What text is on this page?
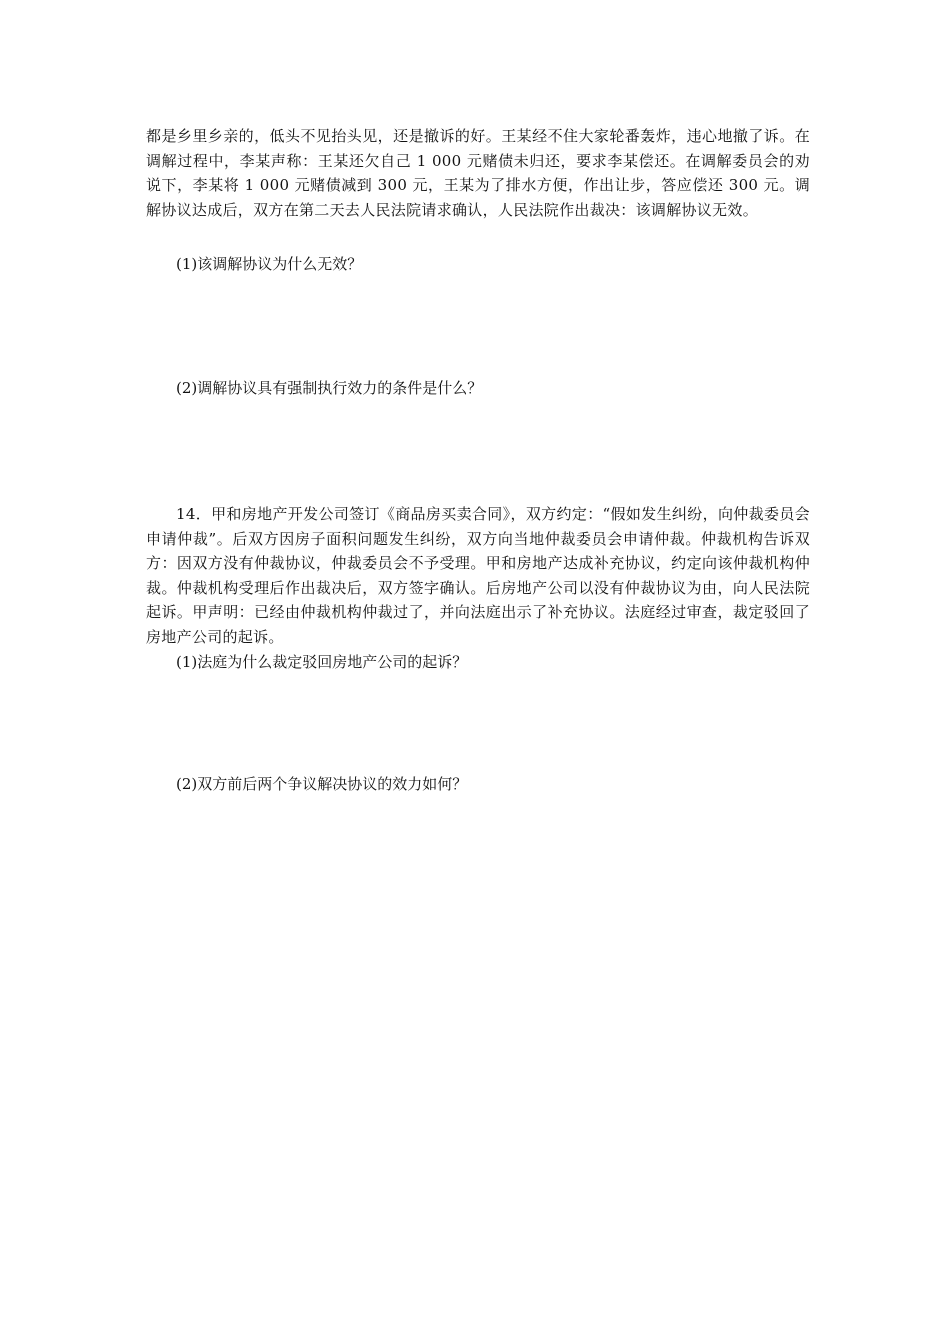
都是乡里乡亲的，低头不见抬头见，还是撤诉的好。王某经不住大家轮番轰炸，违心地撤了诉。在调解过程中，李某声称：王某还欠自己 1 000 元赌债未归还，要求李某偿还。在调解委员会的劝说下，李某将 1 000 元赌债减到 300 元，王某为了排水方便，作出让步，答应偿还 300 元。调解协议达成后，双方在第二天去人民法院请求确认，人民法院作出裁决：该调解协议无效。

(1)该调解协议为什么无效？

(2)调解协议具有强制执行效力的条件是什么？

14．甲和房地产开发公司签订《商品房买卖合同》，双方约定：“假如发生纠纷，向仲裁委员会申请仲裁”。后双方因房子面积问题发生纠纷，双方向当地仲裁委员会申请仲裁。仲裁机构告诉双方：因双方没有仲裁协议，仲裁委员会不予受理。甲和房地产达成补充协议，约定向该仲裁机构仲裁。仲裁机构受理后作出裁决后，双方签字确认。后房地产公司以没有仲裁协议为由，向人民法院起诉。甲声明：已经由仲裁机构仲裁过了，并向法庭出示了补充协议。法庭经过审查，裁定驳回了房地产公司的起诉。

(1)法庭为什么裁定驳回房地产公司的起诉？

(2)双方前后两个争议解决协议的效力如何？
